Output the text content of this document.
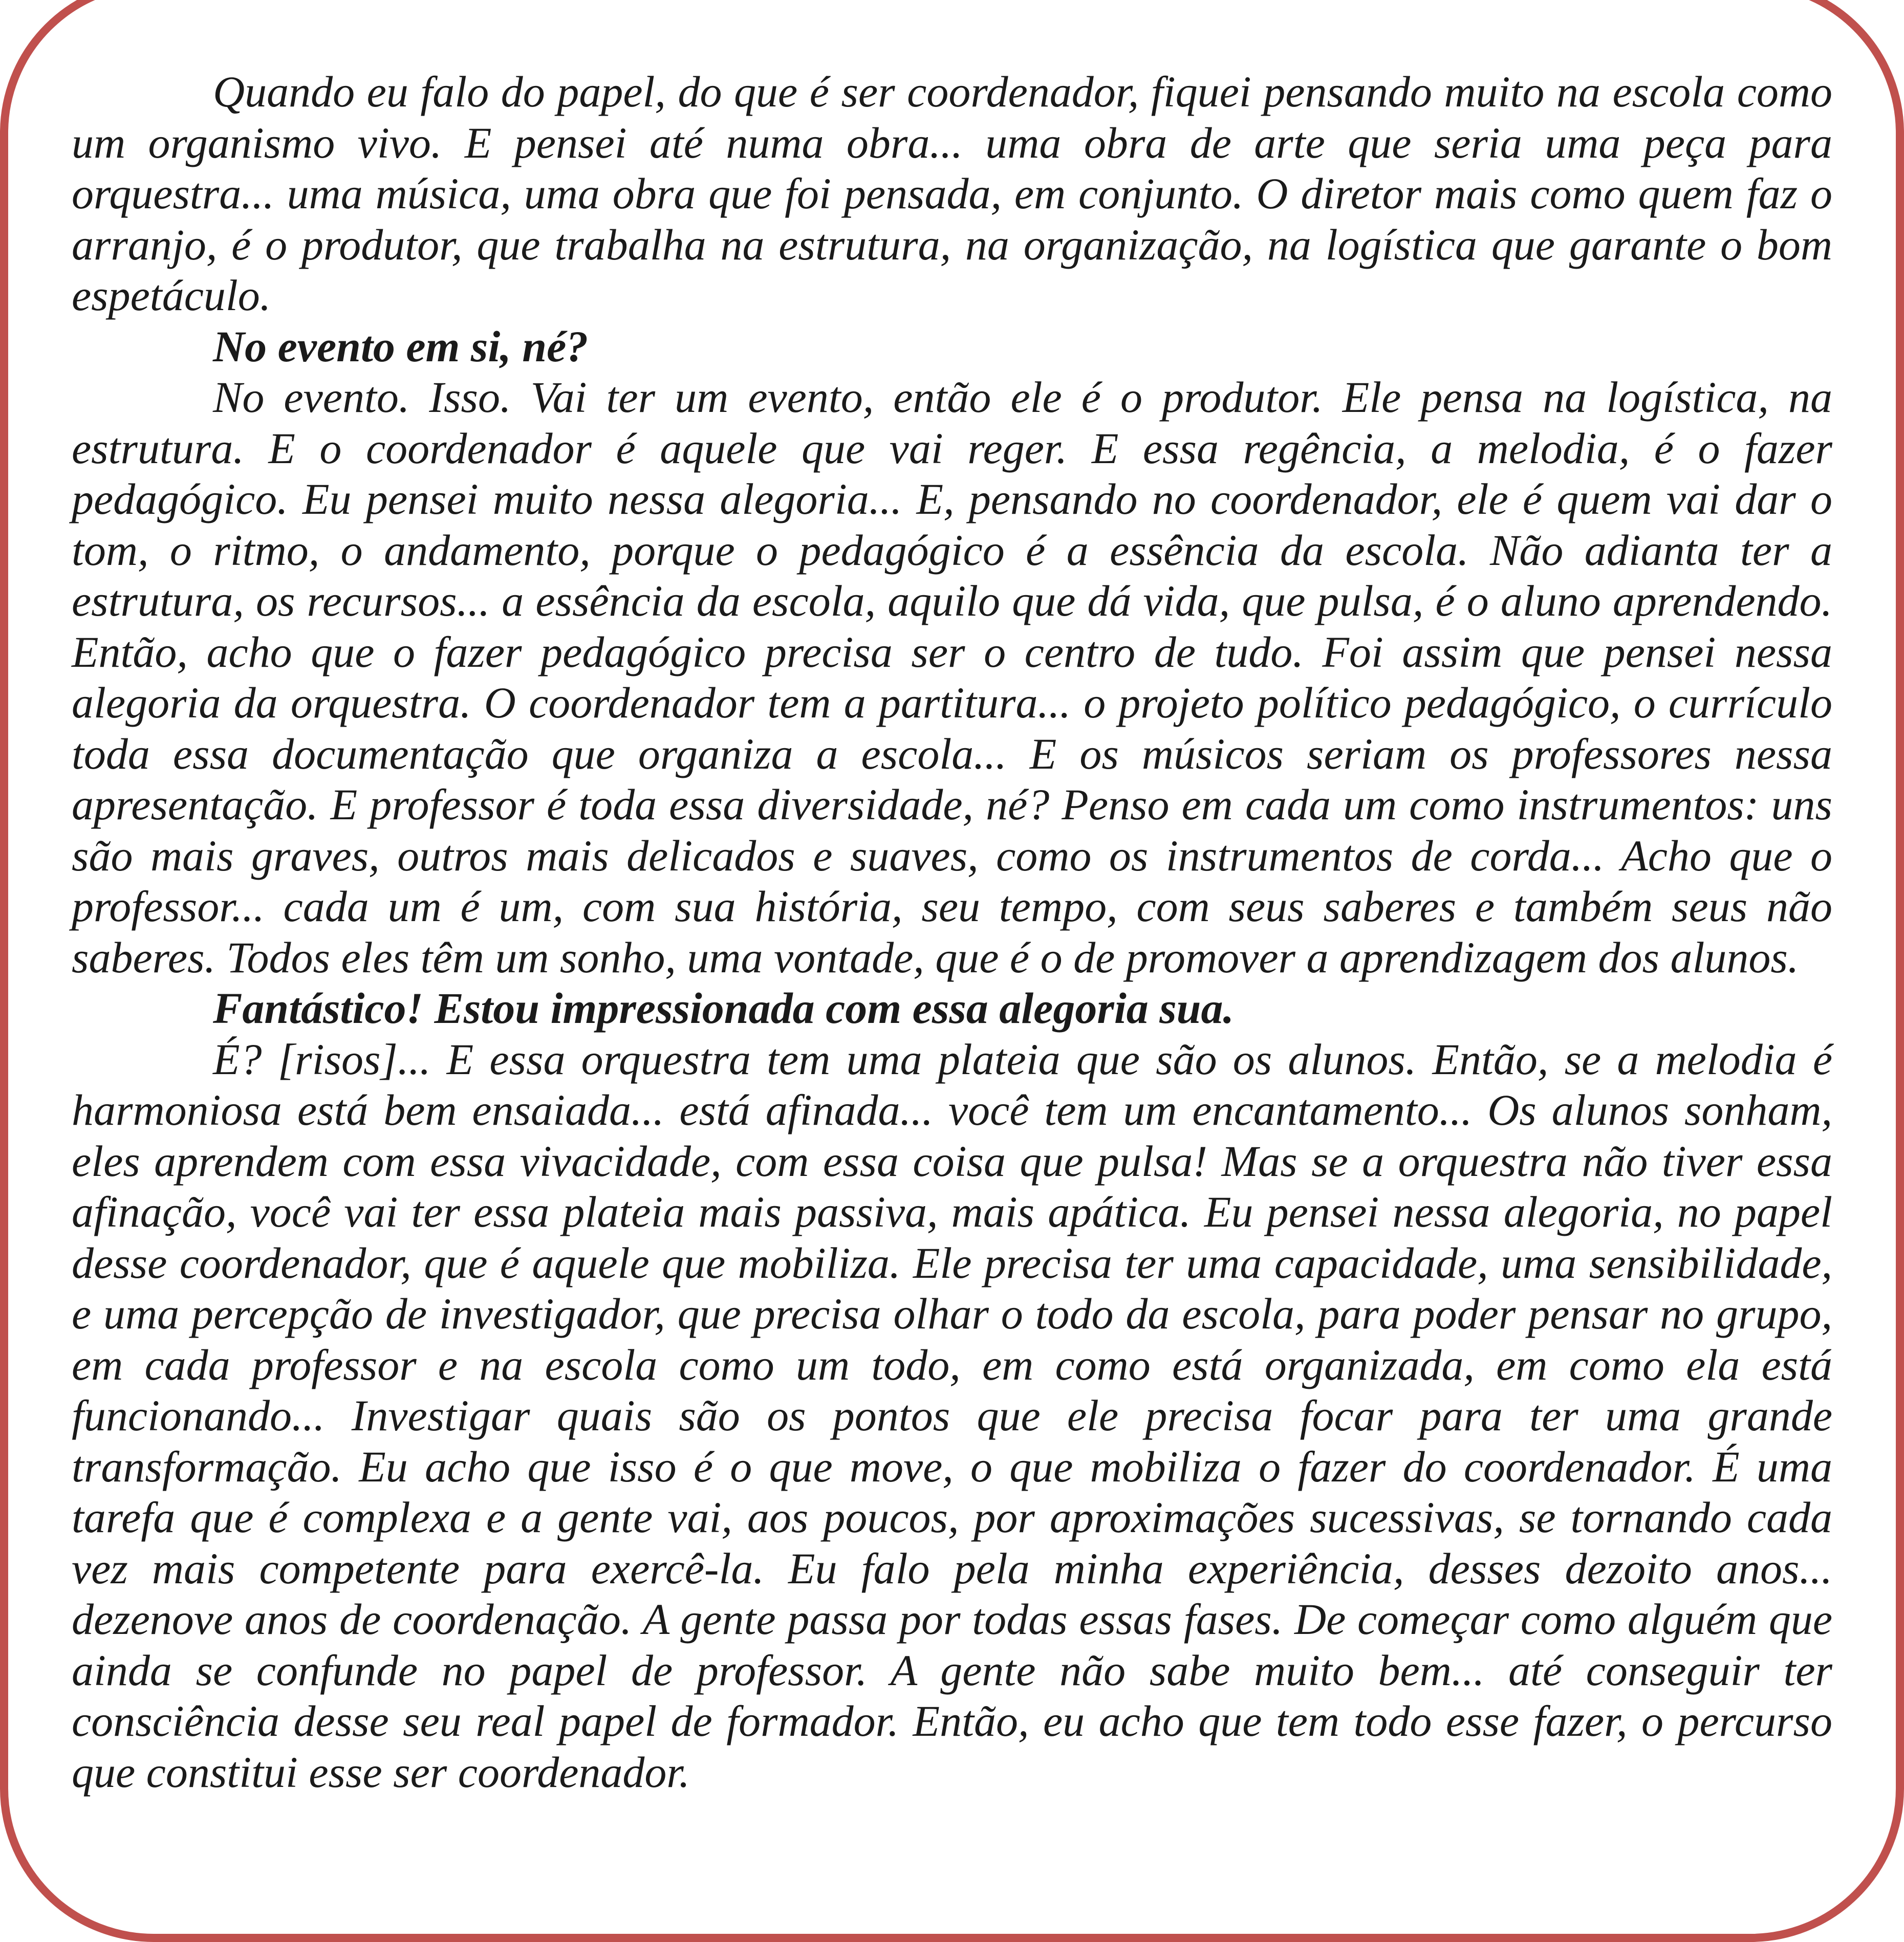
Quando eu falo do papel, do que é ser coordenador, fiquei pensando muito na escola como um organismo vivo. E pensei até numa obra... uma obra de arte que seria uma peça para orquestra... uma música, uma obra que foi pensada, em conjunto. O diretor mais como quem faz o arranjo, é o produtor, que trabalha na estrutura, na organização, na logística que garante o bom espetáculo.

No evento em si, né?

No evento. Isso. Vai ter um evento, então ele é o produtor. Ele pensa na logística, na estrutura. E o coordenador é aquele que vai reger. E essa regência, a melodia, é o fazer pedagógico. Eu pensei muito nessa alegoria... E, pensando no coordenador, ele é quem vai dar o tom, o ritmo, o andamento, porque o pedagógico é a essência da escola. Não adianta ter a estrutura, os recursos... a essência da escola, aquilo que dá vida, que pulsa, é o aluno aprendendo. Então, acho que o fazer pedagógico precisa ser o centro de tudo. Foi assim que pensei nessa alegoria da orquestra. O coordenador tem a partitura... o projeto político pedagógico, o currículo toda essa documentação que organiza a escola... E os músicos seriam os professores nessa apresentação. E professor é toda essa diversidade, né? Penso em cada um como instrumentos: uns são mais graves, outros mais delicados e suaves, como os instrumentos de corda... Acho que o professor... cada um é um, com sua história, seu tempo, com seus saberes e também seus não saberes. Todos eles têm um sonho, uma vontade, que é o de promover a aprendizagem dos alunos.

Fantástico! Estou impressionada com essa alegoria sua.

É? [risos]... E essa orquestra tem uma plateia que são os alunos. Então, se a melodia é harmoniosa está bem ensaiada... está afinada... você tem um encantamento... Os alunos sonham, eles aprendem com essa vivacidade, com essa coisa que pulsa! Mas se a orquestra não tiver essa afinação, você vai ter essa plateia mais passiva, mais apática. Eu pensei nessa alegoria, no papel desse coordenador, que é aquele que mobiliza. Ele precisa ter uma capacidade, uma sensibilidade, e uma percepção de investigador, que precisa olhar o todo da escola, para poder pensar no grupo, em cada professor e na escola como um todo, em como está organizada, em como ela está funcionando... Investigar quais são os pontos que ele precisa focar para ter uma grande transformação. Eu acho que isso é o que move, o que mobiliza o fazer do coordenador. É uma tarefa que é complexa e a gente vai, aos poucos, por aproximações sucessivas, se tornando cada vez mais competente para exercê-la. Eu falo pela minha experiência, desses dezoito anos... dezenove anos de coordenação. A gente passa por todas essas fases. De começar como alguém que ainda se confunde no papel de professor. A gente não sabe muito bem... até conseguir ter consciência desse seu real papel de formador. Então, eu acho que tem todo esse fazer, o percurso que constitui esse ser coordenador.
